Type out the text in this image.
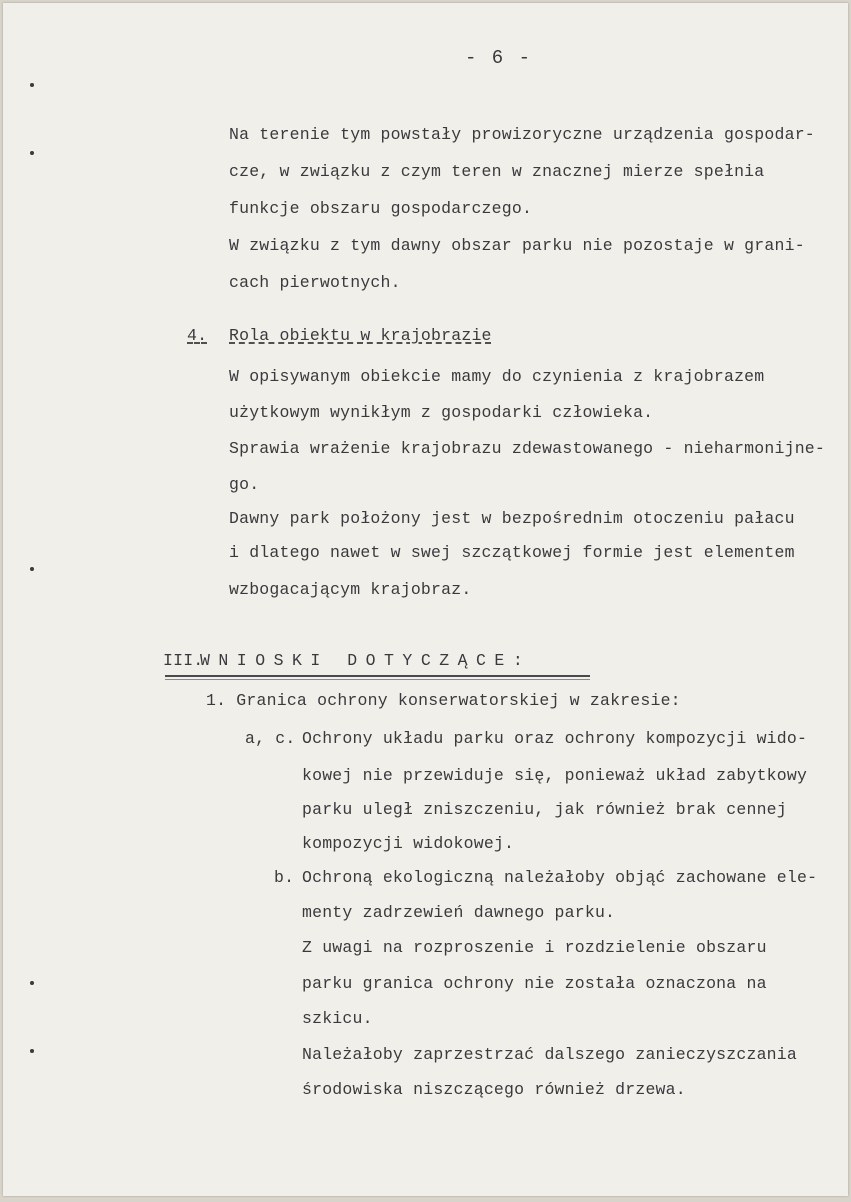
- 6 -
Na terenie tym powstały prowizoryczne urządzenia gospodar-
cze, w związku z czym teren w znacznej mierze spełnia
funkcje obszaru gospodarczego.
W związku z tym dawny obszar parku nie pozostaje w grani-
cach pierwotnych.
4. Rola obiektu w krajobrazie
W opisywanym obiekcie mamy do czynienia z krajobrazem
użytkowym wynikłym z gospodarki człowieka.
Sprawia wrażenie krajobrazu zdewastowanego - nieharmonijne-
go.
Dawny park położony jest w bezpośrednim otoczeniu pałacu
i dlatego nawet w swej szczątkowej formie jest elementem
wzbogacającym krajobraz.
III.
WNIOSKI DOTYCZĄCE:
1. Granica ochrony konserwatorskiej w zakresie:
a, c. Ochrony układu parku oraz ochrony kompozycji wido-
kowej nie przewiduje się, ponieważ układ zabytkowy
parku uległ zniszczeniu, jak również brak cennej
kompozycji widokowej.
b. Ochroną ekologiczną należałoby objąć zachowane ele-
menty zadrzewień dawnego parku.
Z uwagi na rozproszenie i rozdzielenie obszaru
parku granica ochrony nie została oznaczona na
szkicu.
Należałoby zaprzestrzać dalszego zanieczyszczania
środowiska niszczącego również drzewa.
